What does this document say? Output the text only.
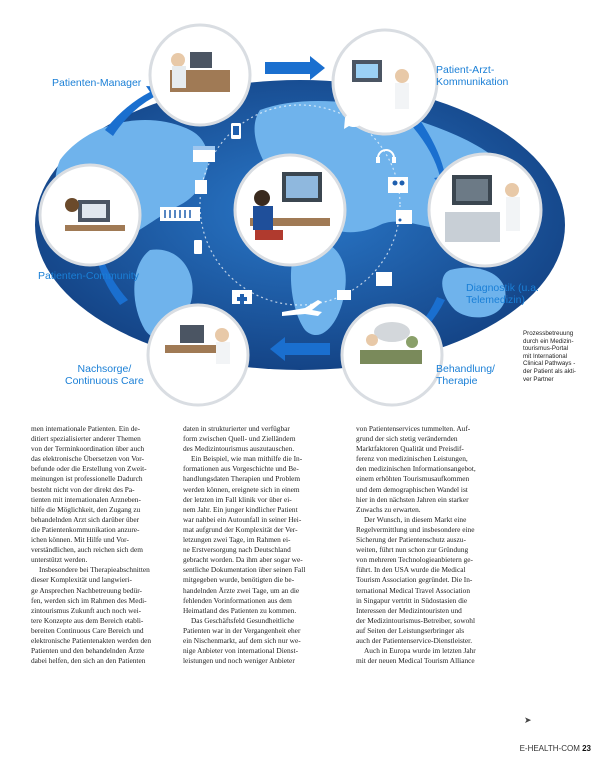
Patienten-Manager
Patient-Arzt-
Kommunikation
Patienten-Community
Diagnostik (u.a.
Telemedizin)
Nachsorge/
Continuous Care
Behandlung/
Therapie
Prozessbetreuung
durch ein Medizin-
tourismus-Portal
mit International
Clinical Pathways -
der Patient als akti-
ver Partner

men internationale Patienten. Ein de-
ditiert spezialisierter anderer Themen
von der Terminkoordination über auch
das elektronische Übersetzen von Vor-
befunde oder die Erstellung von Zweit-
meinungen ist professionelle Dadurch
besteht nicht von der direkt des Pa-
tienten mit internationalen Arzneben-
hilfe die Möglichkeit, den Zugang zu
behandelnden Arzt sich darüber über
die Patientenkommunikation anzure-
ichen können. Mit Hilfe und Vor-
verständlichen, auch reichen sich dem
unterstützt werden.
Insbesondere bei Therapieabschnitten
dieser Komplexität und langwieri-
ge Ansprechen Nachbetreuung bedür-
fen, werden sich im Rahmen des Medi-
zintourismus Zukunft auch noch wei-
tere Konzepte aus dem Bereich etabli-
bereiten Continuous Care Bereich und
elektronische Patientenakten werden den
Patienten und den behandelnden Ärzte
dabei helfen, den sich an den Patienten

daten in strukturierter und verfügbar
form zwischen Quell- und Zielländern
des Medizintourismus auszutauschen.
Ein Beispiel, wie man mithilfe die In-
formationen aus Vorgeschichte und Be-
handlungsdaten Therapien und Problem
werden können, ereignete sich in einem
der letzten im Fall klinik vor über ei-
nem Jahr. Ein junger kindlicher Patient
war nahbei ein Autounfall in seiner Hei-
mat aufgrund der Komplexität der Ver-
letzungen zwei Tage, im Rahmen ei-
ne Erstversorgung nach Deutschland
gebracht worden. Da ihm aber sogar we-
sentliche Dokumentation über seinen Fall
mitgegeben wurde, benötigten die be-
handelnden Ärzte zwei Tage, um an die
fehlenden Vorinformationen aus dem
Heimatland des Patienten zu kommen.
Das Geschäftsfeld Gesundheitliche
Patienten war in der Vergangenheit eher
ein Nischenmarkt, auf dem sich nur we-
nige Anbieter von international Dienst-
leistungen und noch weniger Anbieter

von Patientenservices tummelten. Auf-
grund der sich stetig verändernden
Marktfaktoren Qualität und Preisdif-
ferenz von medizinischen Leistungen,
den medizinischen Informationsangebot,
einem erhöhten Tourismusaufkommen
und dem demographischen Wandel ist
hier in den nächsten Jahren ein starker
Zuwachs zu erwarten.
Der Wunsch, in diesem Markt eine
Regelvermittlung und insbesondere eine
Sicherung der Patientenschutz auszu-
weiten, führt nun schon zur Gründung
von mehreren Technologieanbietern ge-
führt. In den USA wurde die Medical
Tourism Association gegründet. Die In-
ternational Medical Travel Association
in Singapur vertritt in Südostasien die
Interessen der Medizintouristen und
der Medizintourismus-Betreiber, sowohl
auf Seiten der Leistungserbringer als
auch der Patientenservice-Dienstleister.
Auch in Europa wurde im letzten Jahr
mit der neuen Medical Tourism Alliance

➤
E-HEALTH-COM 23
